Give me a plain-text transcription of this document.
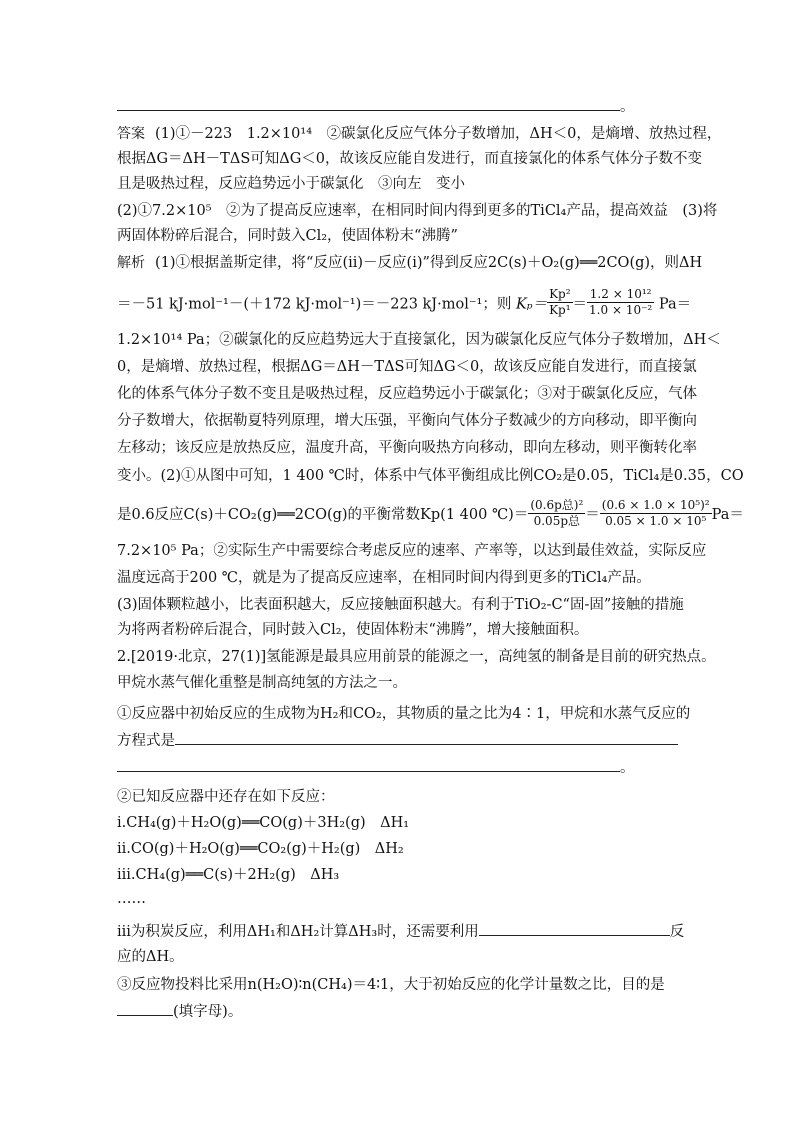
。
答案 (1)①－223　1.2×10¹⁴　②碳氯化反应气体分子数增加，ΔH＜0，是熵增、放热过程，
根据ΔG＝ΔH－TΔS可知ΔG＜0，故该反应能自发进行，而直接氯化的体系气体分子数不变
且是吸热过程，反应趋势远小于碳氯化　③向左　变小
(2)①7.2×10⁵　②为了提高反应速率，在相同时间内得到更多的TiCl₄产品，提高效益　(3)将
两固体粉碎后混合，同时鼓入Cl₂，使固体粉末“沸腾”
解析 (1)①根据盖斯定律，将“反应(ⅱ)－反应(ⅰ)”得到反应2C(s)＋O₂(g)══2CO(g)，则ΔH
＝－51 kJ·mol⁻¹－(＋172 kJ·mol⁻¹)＝－223 kJ·mol⁻¹；则 $K_p= \frac{\text{Kp²}}{\text{Kp¹}} = \frac{\text{1.2 × 10¹²}}{\text{1.0 × 10⁻²}} Pa=$
1.2×10¹⁴ Pa；②碳氯化的反应趋势远大于直接氯化，因为碳氯化反应气体分子数增加，ΔH＜
0，是熵增、放热过程，根据ΔG＝ΔH－TΔS可知ΔG＜0，故该反应能自发进行，而直接氯
化的体系气体分子数不变且是吸热过程，反应趋势远小于碳氯化；③对于碳氯化反应，气体
分子数增大，依据勒夏特列原理，增大压强，平衡向气体分子数减少的方向移动，即平衡向
左移动；该反应是放热反应，温度升高，平衡向吸热方向移动，即向左移动，则平衡转化率
变小。(2)①从图中可知，1 400 ℃时，体系中气体平衡组成比例CO₂是0.05，TiCl₄是0.35，CO
是0.6反应C(s)＋CO₂(g)══2CO(g)的平衡常数Kp(1 400 ℃)＝ $\frac{\text{(0.6p总)²}}{\text{0.05p总}} = \frac{\text{(0.6 × 1.0 × 10⁵)²}}{\text{0.05 × 1.0 × 10⁵}} Pa=$
7.2×10⁵ Pa；②实际生产中需要综合考虑反应的速率、产率等，以达到最佳效益，实际反应
温度远高于200 ℃，就是为了提高反应速率，在相同时间内得到更多的TiCl₄产品。
(3)固体颗粒越小，比表面积越大，反应接触面积越大。有利于TiO₂-C“固-固”接触的措施
为将两者粉碎后混合，同时鼓入Cl₂，使固体粉末“沸腾”，增大接触面积。
2.[2019·北京，27(1)]氢能源是最具应用前景的能源之一，高纯氢的制备是目前的研究热点。
甲烷水蒸气催化重整是制高纯氢的方法之一。
①反应器中初始反应的生成物为H₂和CO₂，其物质的量之比为4∶1，甲烷和水蒸气反应的
方程式是
。
②已知反应器中还存在如下反应：
ⅰ.CH₄(g)＋H₂O(g)══CO(g)＋3H₂(g)　ΔH₁
ⅱ.CO(g)＋H₂O(g)══CO₂(g)＋H₂(g)　ΔH₂
ⅲ.CH₄(g)══C(s)＋2H₂(g)　ΔH₃
……
ⅲ为积炭反应，利用ΔH₁和ΔH₂计算ΔH₃时，还需要利用	反
应的ΔH。
③反应物投料比采用n(H₂O)∶n(CH₄)＝4∶1，大于初始反应的化学计量数之比，目的是
(填字母)。
